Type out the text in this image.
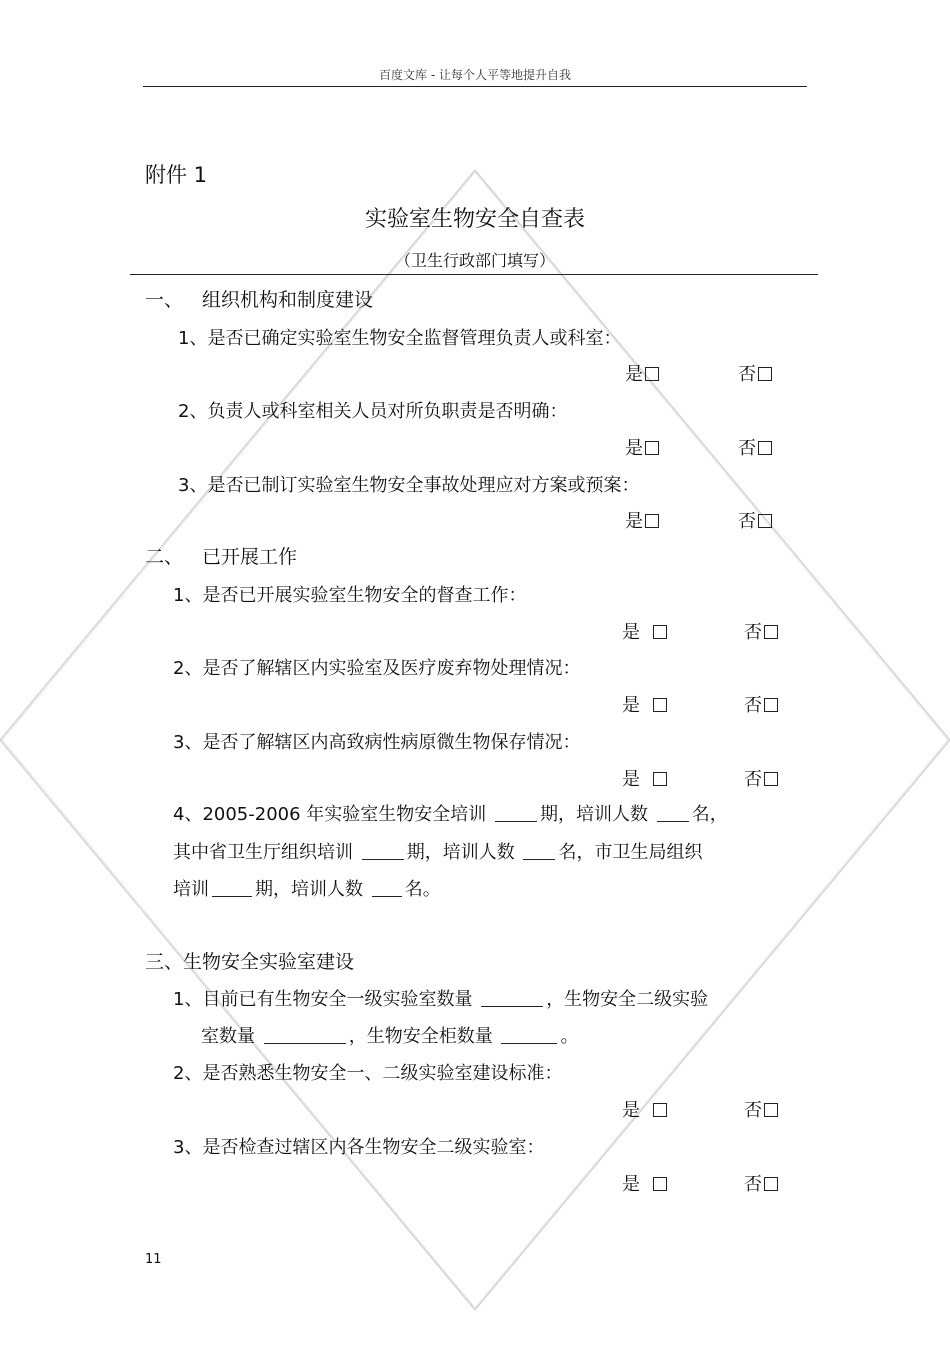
百度文库 - 让每个人平等地提升自我
附件 1
实验室生物安全自查表
（卫生行政部门填写）
一、 组织机构和制度建设
1、是否已确定实验室生物安全监督管理负责人或科室：
是	否
2、负责人或科室相关人员对所负职责是否明确：
是	否
3、是否已制订实验室生物安全事故处理应对方案或预案：
是	否
二、 已开展工作
1、是否已开展实验室生物安全的督查工作：
是	否
2、是否了解辖区内实验室及医疗废弃物处理情况：
是	否
3、是否了解辖区内高致病性病原微生物保存情况：
是	否
4、2005-2006 年实验室生物安全培训	期，培训人数 名，
其中省卫生厅组织培训	期，培训人数 名，市卫生局组织
培训	期，培训人数 名。
三、生物安全实验室建设
1、目前已有生物安全一级实验室数量	，生物安全二级实验
室数量	，生物安全柜数量	。
2、是否熟悉生物安全一、二级实验室建设标准：
是	否
3、是否检查过辖区内各生物安全二级实验室：
是	否
11
